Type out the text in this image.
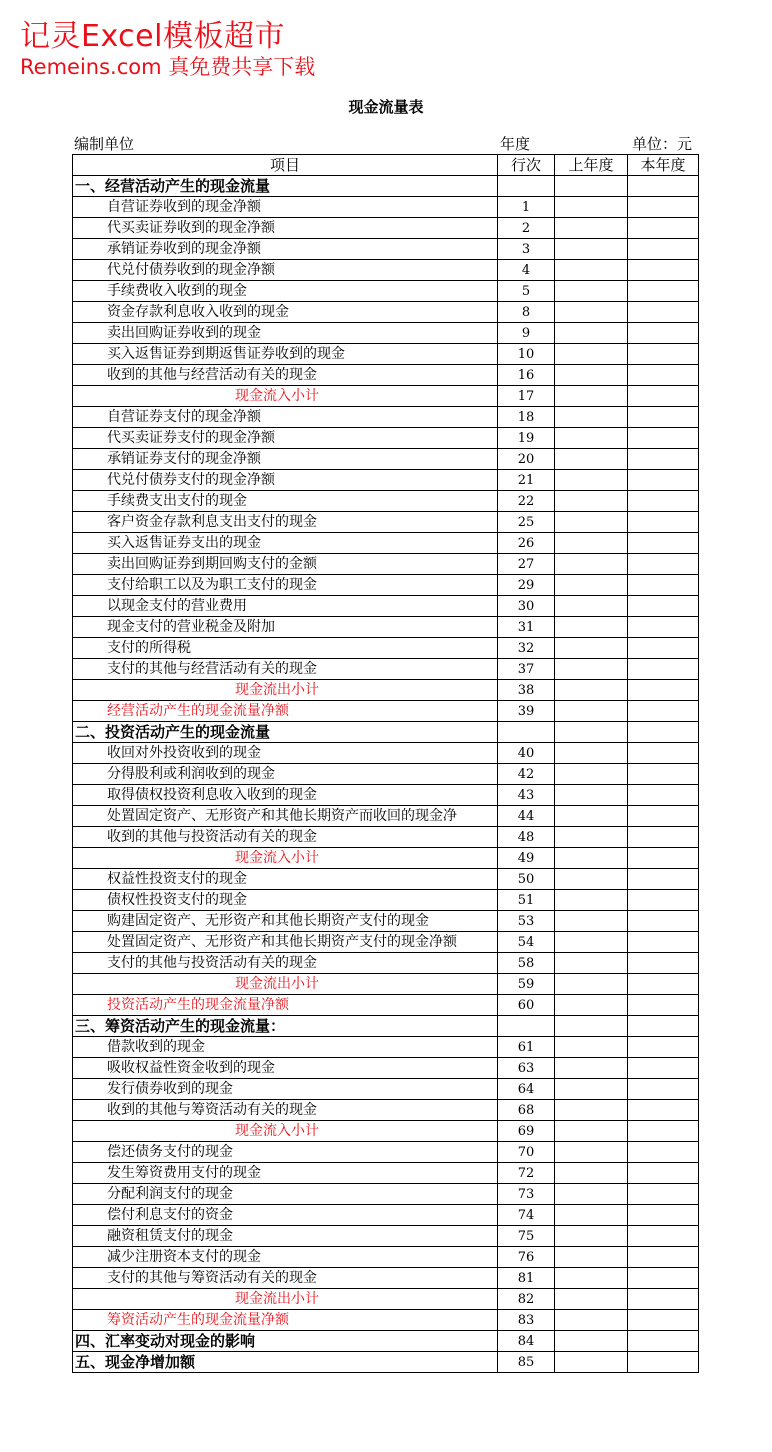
记灵Excel模板超市
Remeins.com 真免费共享下载
现金流量表
编制单位	年度	单位：元
项目	行次	上年度	本年度
一、经营活动产生的现金流量			
自营证券收到的现金净额	1		
代买卖证券收到的现金净额	2		
承销证券收到的现金净额	3		
代兑付债券收到的现金净额	4		
手续费收入收到的现金	5		
资金存款利息收入收到的现金	8		
卖出回购证券收到的现金	9		
买入返售证券到期返售证券收到的现金	10		
收到的其他与经营活动有关的现金	16		
现金流入小计	17		
自营证券支付的现金净额	18		
代买卖证券支付的现金净额	19		
承销证券支付的现金净额	20		
代兑付债券支付的现金净额	21		
手续费支出支付的现金	22		
客户资金存款利息支出支付的现金	25		
买入返售证券支出的现金	26		
卖出回购证券到期回购支付的金额	27		
支付给职工以及为职工支付的现金	29		
以现金支付的营业费用	30		
现金支付的营业税金及附加	31		
支付的所得税	32		
支付的其他与经营活动有关的现金	37		
现金流出小计	38		
经营活动产生的现金流量净额	39		
二、投资活动产生的现金流量			
收回对外投资收到的现金	40		
分得股利或利润收到的现金	42		
取得债权投资利息收入收到的现金	43		
处置固定资产、无形资产和其他长期资产而收回的现金净	44		
收到的其他与投资活动有关的现金	48		
现金流入小计	49		
权益性投资支付的现金	50		
债权性投资支付的现金	51		
购建固定资产、无形资产和其他长期资产支付的现金	53		
处置固定资产、无形资产和其他长期资产支付的现金净额	54		
支付的其他与投资活动有关的现金	58		
现金流出小计	59		
投资活动产生的现金流量净额	60		
三、筹资活动产生的现金流量：			
借款收到的现金	61		
吸收权益性资金收到的现金	63		
发行债券收到的现金	64		
收到的其他与筹资活动有关的现金	68		
现金流入小计	69		
偿还债务支付的现金	70		
发生筹资费用支付的现金	72		
分配利润支付的现金	73		
偿付利息支付的资金	74		
融资租赁支付的现金	75		
减少注册资本支付的现金	76		
支付的其他与筹资活动有关的现金	81		
现金流出小计	82		
筹资活动产生的现金流量净额	83		
四、汇率变动对现金的影响	84		
五、现金净增加额	85		
